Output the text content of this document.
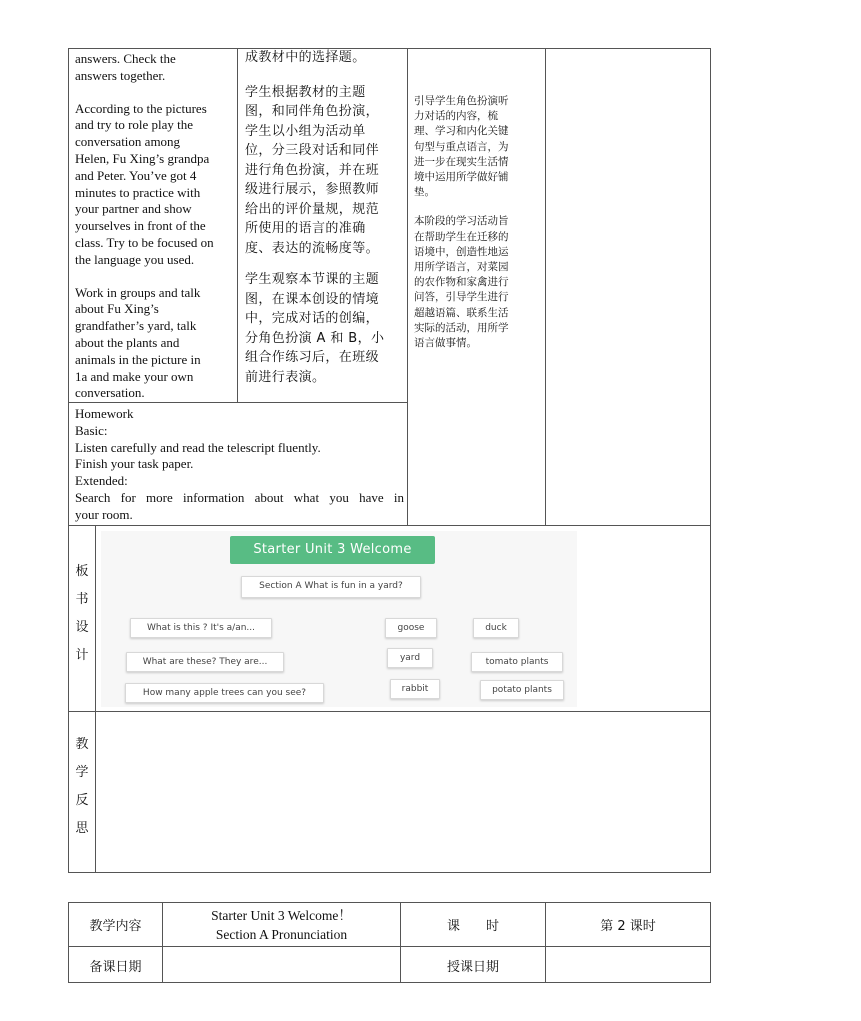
answers. Check the
answers together.
According to the pictures
and try to role play the
conversation among
Helen, Fu Xing’s grandpa
and Peter. You’ve got 4
minutes to practice with
your partner and show
yourselves in front of the
class. Try to be focused on
the language you used.
Work in groups and talk
about Fu Xing’s
grandfather’s yard, talk
about the plants and
animals in the picture in
1a and make your own
conversation.
成教材中的选择题。
学生根据教材的主题
图，和同伴角色扮演，
学生以小组为活动单
位，分三段对话和同伴
进行角色扮演，并在班
级进行展示，参照教师
给出的评价量规，规范
所使用的语言的准确
度、表达的流畅度等。
学生观察本节课的主题
图，在课本创设的情境
中，完成对话的创编，
分角色扮演 A 和 B，小
组合作练习后，在班级
前进行表演。
引导学生角色扮演听
力对话的内容，梳
理、学习和内化关键
句型与重点语言，为
进一步在现实生活情
境中运用所学做好铺
垫。
本阶段的学习活动旨
在帮助学生在迁移的
语境中，创造性地运
用所学语言，对菜园
的农作物和家禽进行
问答，引导学生进行
超越语篇、联系生活
实际的活动，用所学
语言做事情。
Homework
Basic:
Listen carefully and read the telescript fluently.
Finish your task paper.
Extended:
Search for more information about what you have in
your room.
板
书
设
计
Starter Unit 3 Welcome
Section A What is fun in a yard?
What is this ? It's a/an...
What are these? They are...
How many apple trees can you see?
goose
yard
rabbit
duck
tomato plants
potato plants
教
学
反
思
教学内容
Starter Unit 3 Welcome！
Section A Pronunciation
课　　时	第 2 课时
备课日期	授课日期
